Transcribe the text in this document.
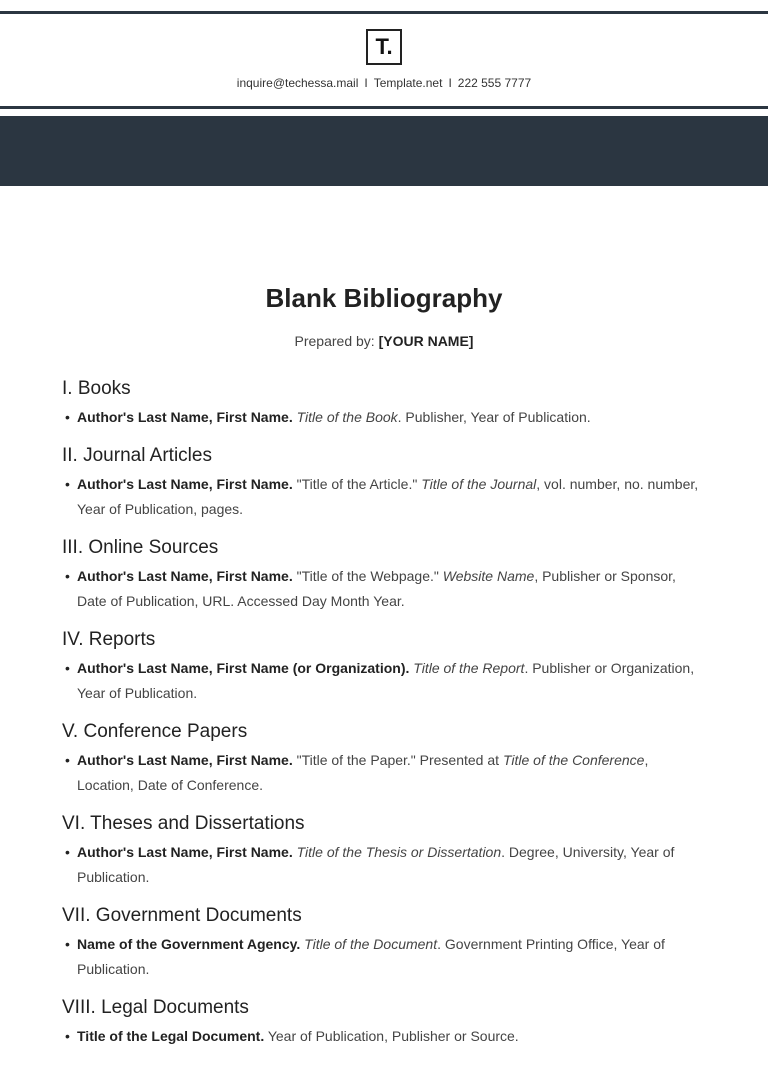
T.
inquire@techessa.mail I Template.net I 222 555 7777
Blank Bibliography
Prepared by: [YOUR NAME]
I. Books
• Author's Last Name, First Name. Title of the Book. Publisher, Year of Publication.
II. Journal Articles
• Author's Last Name, First Name. "Title of the Article." Title of the Journal, vol. number, no. number, Year of Publication, pages.
III. Online Sources
• Author's Last Name, First Name. "Title of the Webpage." Website Name, Publisher or Sponsor, Date of Publication, URL. Accessed Day Month Year.
IV. Reports
• Author's Last Name, First Name (or Organization). Title of the Report. Publisher or Organization, Year of Publication.
V. Conference Papers
• Author's Last Name, First Name. "Title of the Paper." Presented at Title of the Conference, Location, Date of Conference.
VI. Theses and Dissertations
• Author's Last Name, First Name. Title of the Thesis or Dissertation. Degree, University, Year of Publication.
VII. Government Documents
• Name of the Government Agency. Title of the Document. Government Printing Office, Year of Publication.
VIII. Legal Documents
• Title of the Legal Document. Year of Publication, Publisher or Source.
